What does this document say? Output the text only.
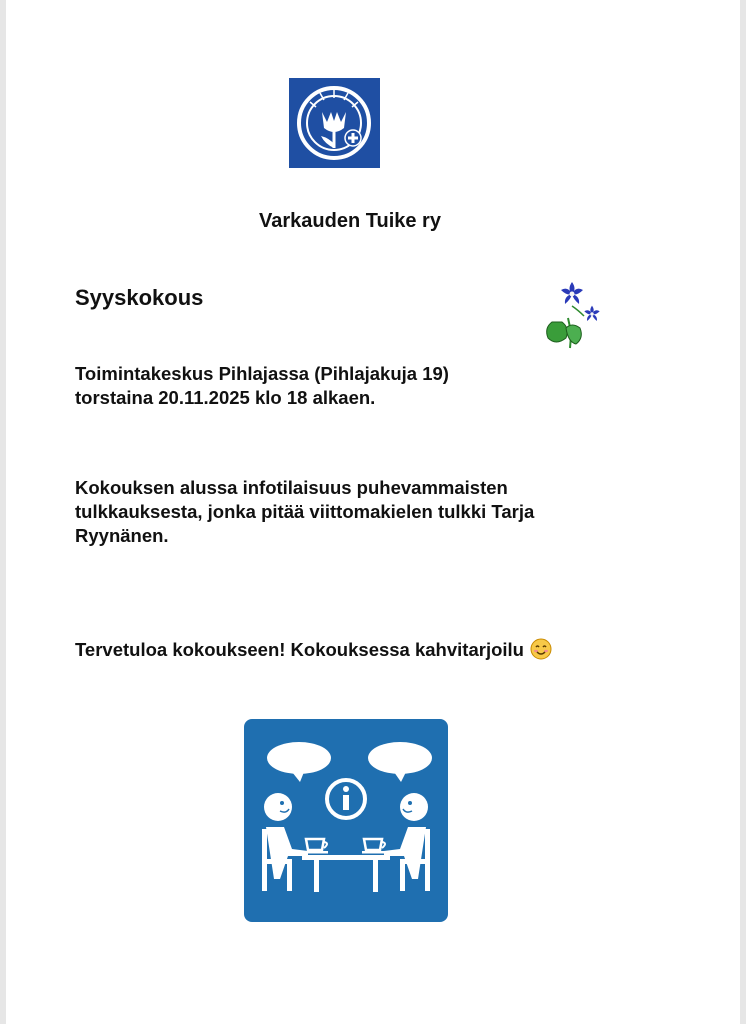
Varkauden Tuike ry
Syyskokous
Toimintakeskus Pihlajassa (Pihlajakuja 19)
torstaina 20.11.2025 klo 18 alkaen.
Kokouksen alussa infotilaisuus puhevammaisten
tulkkauksesta, jonka pitää viittomakielen tulkki Tarja
Ryynänen.
Tervetuloa kokoukseen! Kokouksessa kahvitarjoilu
